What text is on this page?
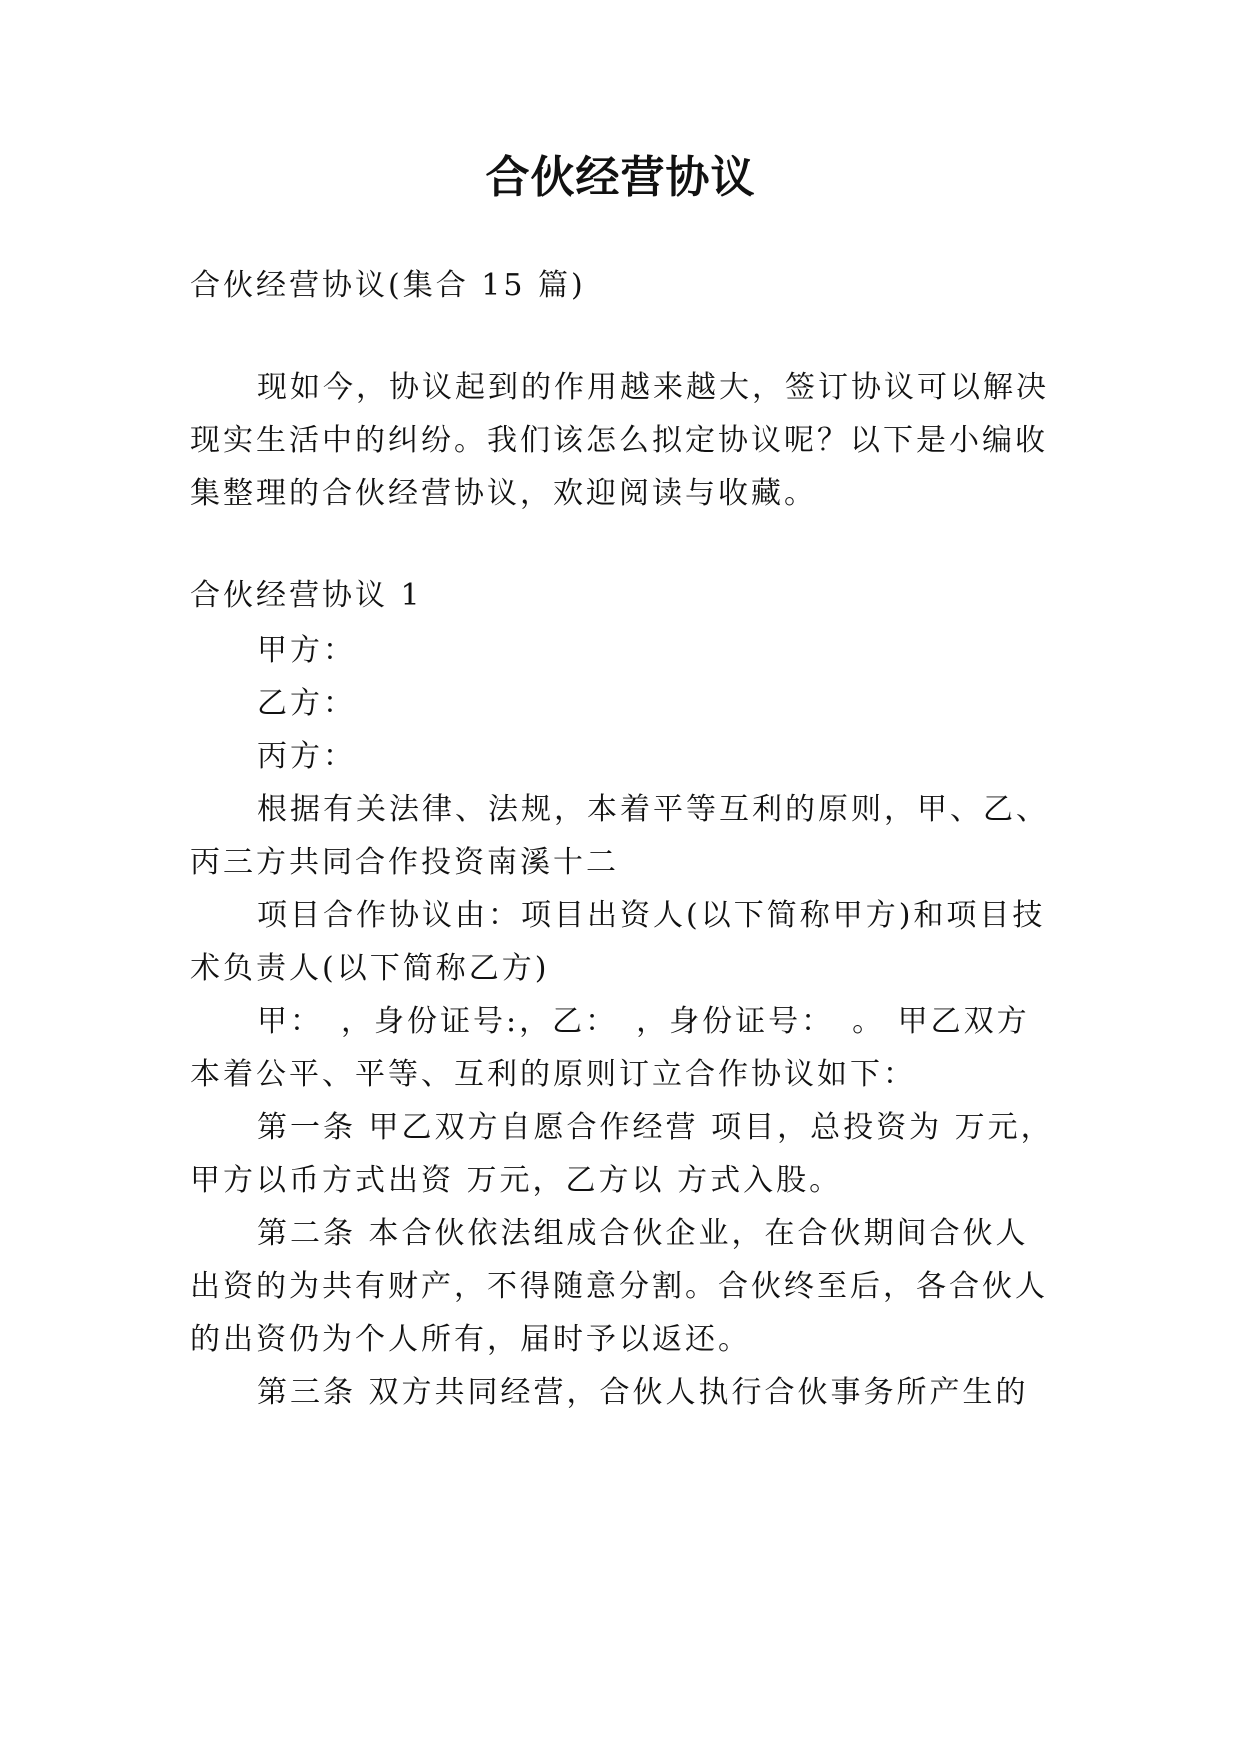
合伙经营协议
合伙经营协议(集合 15 篇)
现如今，协议起到的作用越来越大，签订协议可以解决
现实生活中的纠纷。我们该怎么拟定协议呢？以下是小编收
集整理的合伙经营协议，欢迎阅读与收藏。
合伙经营协议 1
甲方：
乙方：
丙方：
根据有关法律、法规，本着平等互利的原则，甲、乙、
丙三方共同合作投资南溪十二
项目合作协议由：项目出资人(以下简称甲方)和项目技
术负责人(以下简称乙方)
甲：　，身份证号:，乙：　，身份证号：　。 甲乙双方
本着公平、平等、互利的原则订立合作协议如下：
第一条 甲乙双方自愿合作经营 项目，总投资为 万元，
甲方以币方式出资 万元，乙方以 方式入股。
第二条 本合伙依法组成合伙企业，在合伙期间合伙人
出资的为共有财产，不得随意分割。合伙终至后，各合伙人
的出资仍为个人所有，届时予以返还。
第三条 双方共同经营，合伙人执行合伙事务所产生的
